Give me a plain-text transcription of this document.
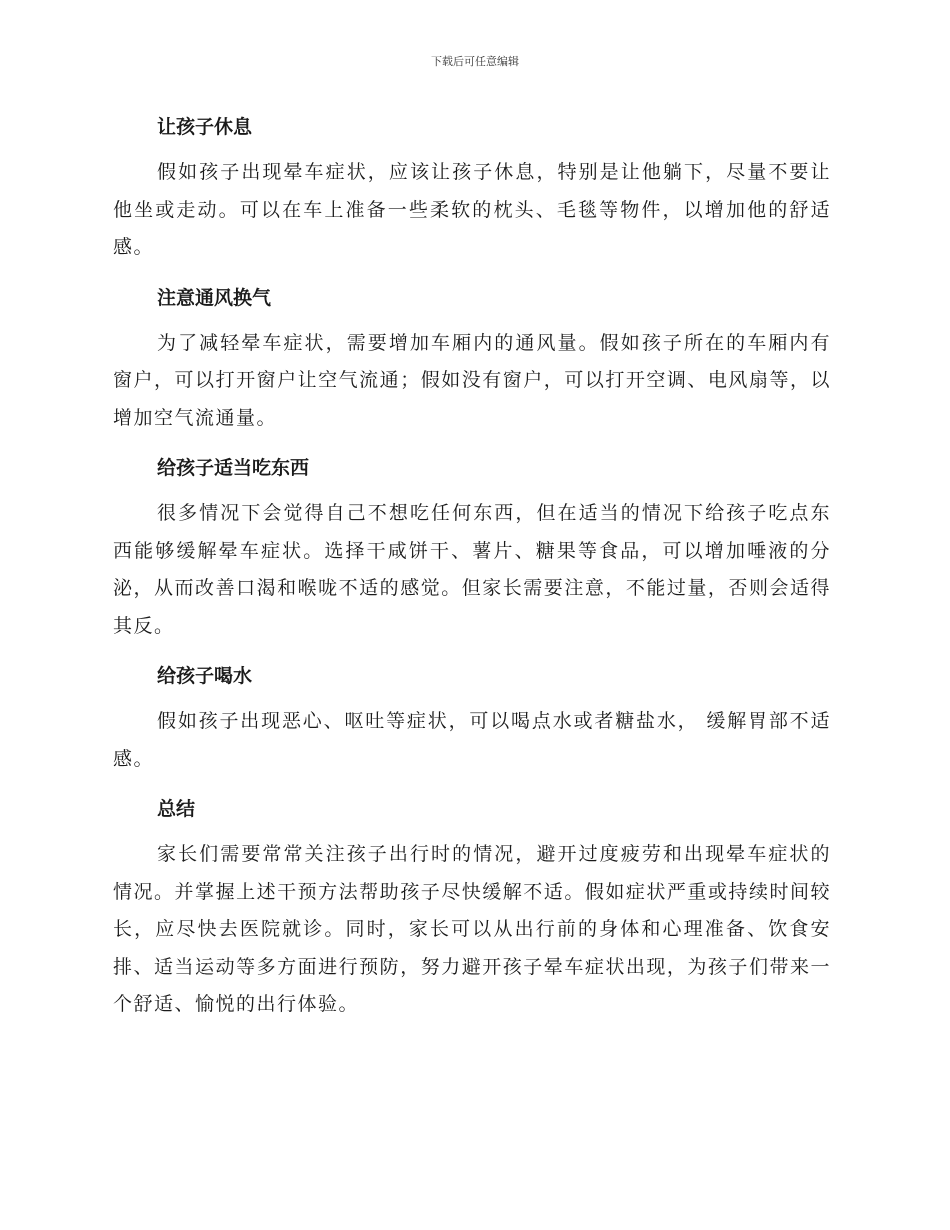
下载后可任意编辑
让孩子休息

假如孩子出现晕车症状，应该让孩子休息，特别是让他躺下，尽量不要让他坐或走动。可以在车上准备一些柔软的枕头、毛毯等物件，以增加他的舒适感。

注意通风换气

为了减轻晕车症状，需要增加车厢内的通风量。假如孩子所在的车厢内有窗户，可以打开窗户让空气流通；假如没有窗户，可以打开空调、电风扇等，以增加空气流通量。

给孩子适当吃东西

很多情况下会觉得自己不想吃任何东西，但在适当的情况下给孩子吃点东西能够缓解晕车症状。选择干咸饼干、薯片、糖果等食品，可以增加唾液的分泌，从而改善口渴和喉咙不适的感觉。但家长需要注意，不能过量，否则会适得其反。

给孩子喝水

假如孩子出现恶心、呕吐等症状，可以喝点水或者糖盐水， 缓解胃部不适感。

总结

家长们需要常常关注孩子出行时的情况，避开过度疲劳和出现晕车症状的情况。并掌握上述干预方法帮助孩子尽快缓解不适。假如症状严重或持续时间较长，应尽快去医院就诊。同时，家长可以从出行前的身体和心理准备、饮食安排、适当运动等多方面进行预防，努力避开孩子晕车症状出现，为孩子们带来一个舒适、愉悦的出行体验。
